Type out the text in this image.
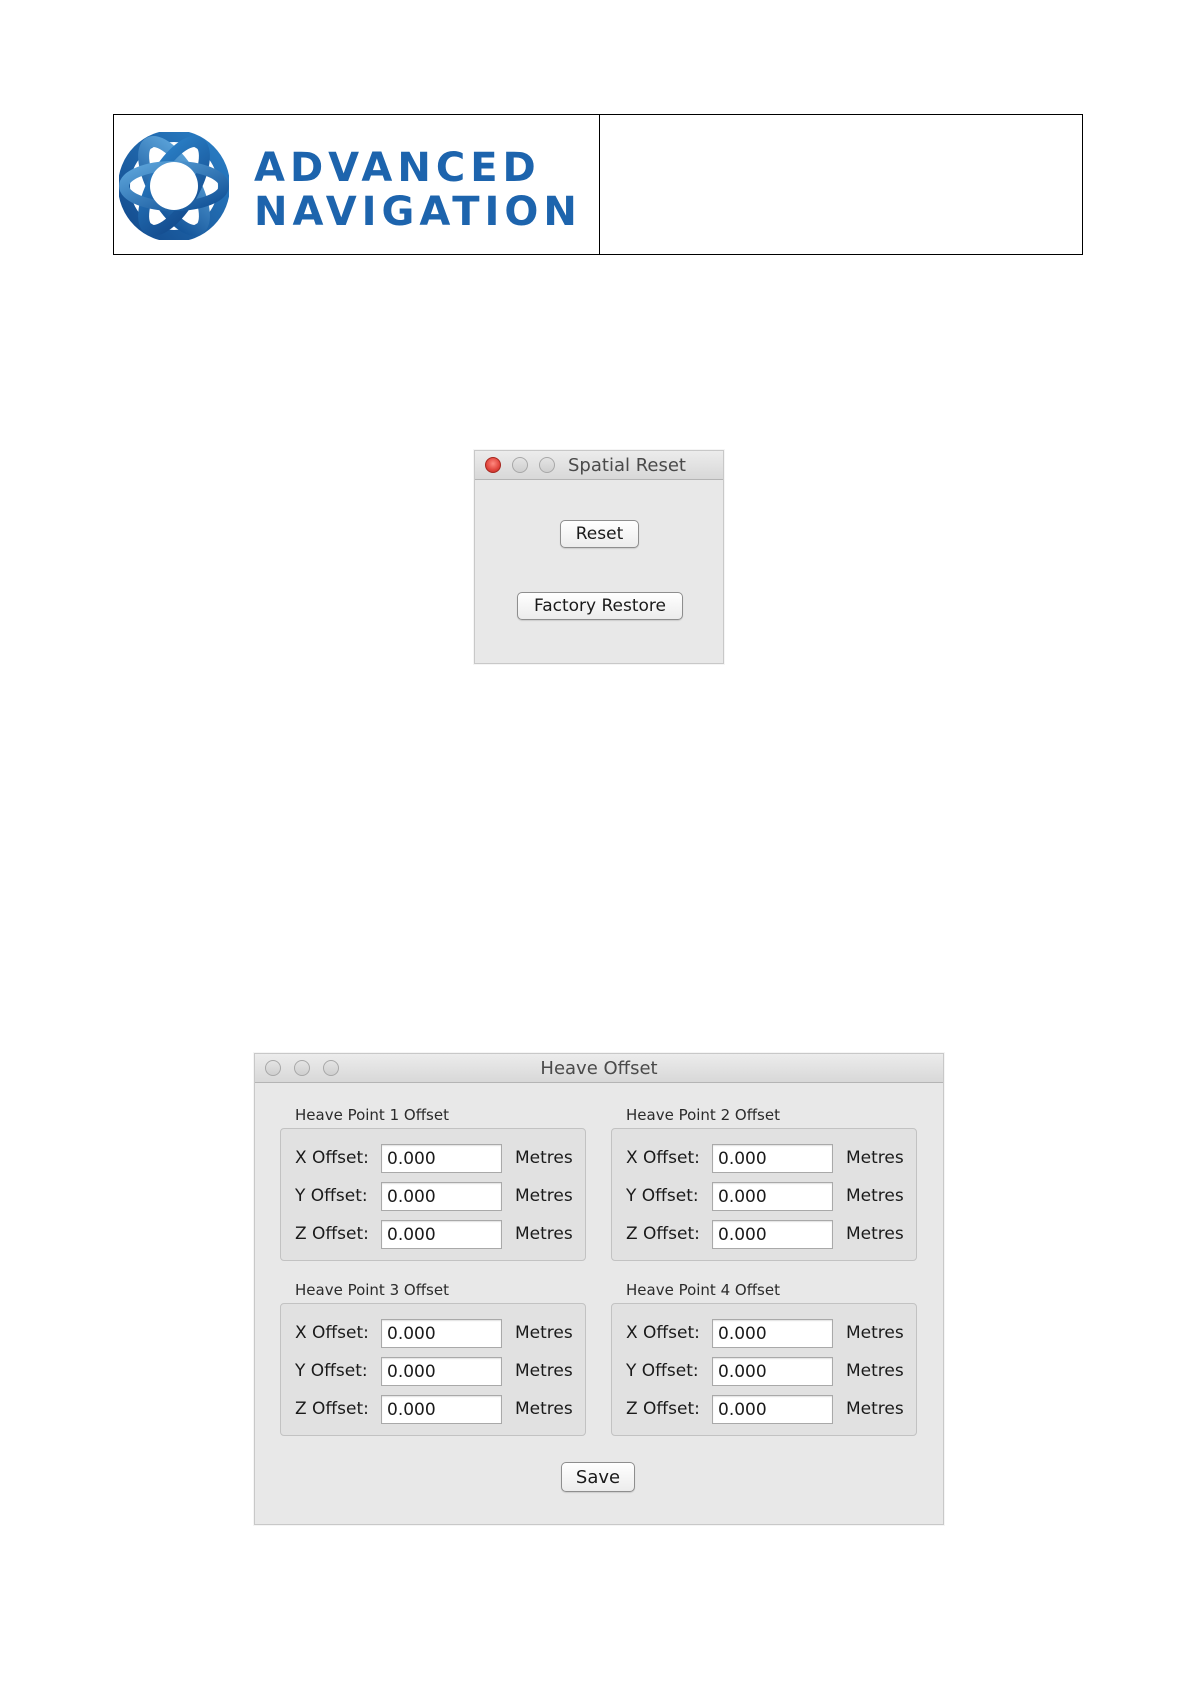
ADVANCED
NAVIGATION
Spatial Reset
Reset
Factory Restore
Heave Offset
Heave Point 1 Offset
X Offset:
0.000	Metres
Y Offset:
0.000	Metres
Z Offset:
0.000	Metres
Heave Point 2 Offset
X Offset:
0.000	Metres
Y Offset:
0.000	Metres
Z Offset:
0.000	Metres
Heave Point 3 Offset
X Offset:
0.000	Metres
Y Offset:
0.000	Metres
Z Offset:
0.000	Metres
Heave Point 4 Offset
X Offset:
0.000	Metres
Y Offset:
0.000	Metres
Z Offset:
0.000	Metres
Save
